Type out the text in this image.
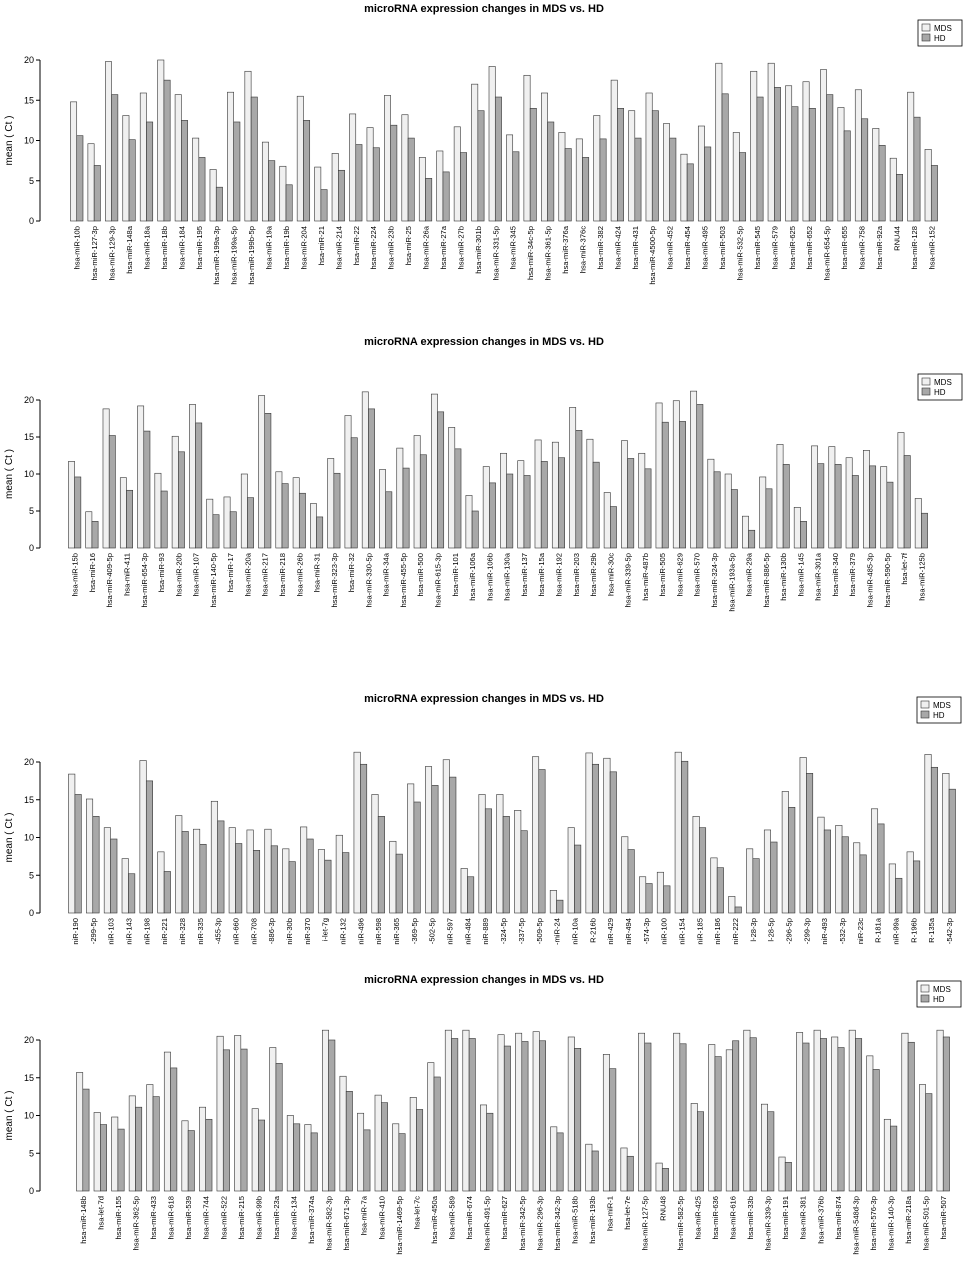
microRNA expression changes in MDS vs. HD
0
5
10
15
20
mean ( Ct )
hsa-miR-10b hsa-miR-127-3p hsa-miR-129-3p hsa-miR-148a hsa-miR-18a hsa-miR-18b hsa-miR-184 hsa-miR-195 hsa-miR-199a-3p hsa-miR-199a-5p hsa-miR-199b-5p hsa-miR-19a hsa-miR-19b hsa-miR-204 hsa-miR-21 hsa-miR-214 hsa-miR-22 hsa-miR-224 hsa-miR-23b hsa-miR-25 hsa-miR-26a hsa-miR-27a hsa-miR-27b hsa-miR-301b hsa-miR-331-5p hsa-miR-345 hsa-miR-34c-5p hsa-miR-361-5p hsa-miR-376a hsa-miR-376c hsa-miR-382 hsa-miR-424 hsa-miR-431 hsa-miR-4500-5p hsa-miR-452 hsa-miR-454 hsa-miR-495 hsa-miR-503 hsa-miR-532-5p hsa-miR-545 hsa-miR-579 hsa-miR-625 hsa-miR-652 hsa-miR-654-5p hsa-miR-655 hsa-miR-758 hsa-miR-92a RNU44 hsa-miR-128 hsa-miR-152
MDS
HD
microRNA expression changes in MDS vs. HD
0
5
10
15
20
mean ( Ct )
hsa-miR-15b hsa-miR-16 hsa-miR-409-5p hsa-miR-411 hsa-miR-654-3p hsa-miR-93 hsa-miR-20b hsa-miR-107 hsa-miR-140-5p hsa-miR-17 hsa-miR-20a hsa-miR-217 hsa-miR-218 hsa-miR-26b hsa-miR-31 hsa-miR-323-3p hsa-miR-32 hsa-miR-330-5p hsa-miR-34a hsa-miR-455-5p hsa-miR-500 hsa-miR-615-3p hsa-miR-101 hsa-miR-106a hsa-miR-106b hsa-miR-130a hsa-miR-137 hsa-miR-15a hsa-miR-192 hsa-miR-203 hsa-miR-29b hsa-miR-30c hsa-miR-339-5p hsa-miR-487b hsa-miR-505 hsa-miR-629 hsa-miR-570 hsa-miR-324-3p hsa-miR-193a-5p hsa-miR-29a hsa-miR-886-5p hsa-miR-130b hsa-miR-145 hsa-miR-301a hsa-miR-340 hsa-miR-379 hsa-miR-485-3p hsa-miR-590-5p hsa-let-7f hsa-miR-125b
MDS
HD
microRNA expression changes in MDS vs. HD
0
5
10
15
20
mean ( Ct )
niR-190 -299-5p niR-103 niR-143 niR-198 niR-221 niR-328 niR-335 -455-3p niR-660 niR-708 -886-3p niR-30b niR-370 i-let-7g niR-132 niR-496 niR-598 niR-365 -369-5p -502-5p niR-597 niR-484 niR-889 -324-5p -337-5p -509-5p -miR-24 niR-10a R-216b niR-429 niR-494 -574-3p niR-100 niR-154 niR-185 niR-186 niR-222 l-28-3p l-28-5p -296-5p -299-3p niR-493 -532-3p niR-23c R-181a niR-99a R-196b R-135a -542-3p
MDS
HD
microRNA expression changes in MDS vs. HD
0
5
10
15
20
mean ( Ct )
hsa-miR-148b hsa-let-7d hsa-miR-155 hsa-miR-362-5p hsa-miR-433 hsa-miR-618 hsa-miR-539 hsa-miR-744 hsa-miR-522 hsa-miR-215 hsa-miR-99b hsa-miR-23a hsa-miR-134 hsa-miR-374a hsa-miR-582-3p hsa-miR-671-3p hsa-miR-7a hsa-miR-410 hsa-miR-1469-5p hsa-let-7c hsa-miR-450a hsa-miR-589 hsa-miR-674 hsa-miR-491-5p hsa-miR-627 hsa-miR-342-5p hsa-miR-296-3p hsa-miR-342-3p hsa-miR-518b hsa-miR-193b hsa-miR-1 hsa-let-7e hsa-miR-127-5p RNU48 hsa-miR-582-5p hsa-miR-425 hsa-miR-636 hsa-miR-616 hsa-miR-33b hsa-miR-339-3p hsa-miR-191 hsa-miR-381 hsa-miR-376b hsa-miR-874 hsa-miR-548d-3p hsa-miR-576-3p hsa-miR-140-3p hsa-miR-218a hsa-miR-501-5p hsa-miR-507
MDS
HD
